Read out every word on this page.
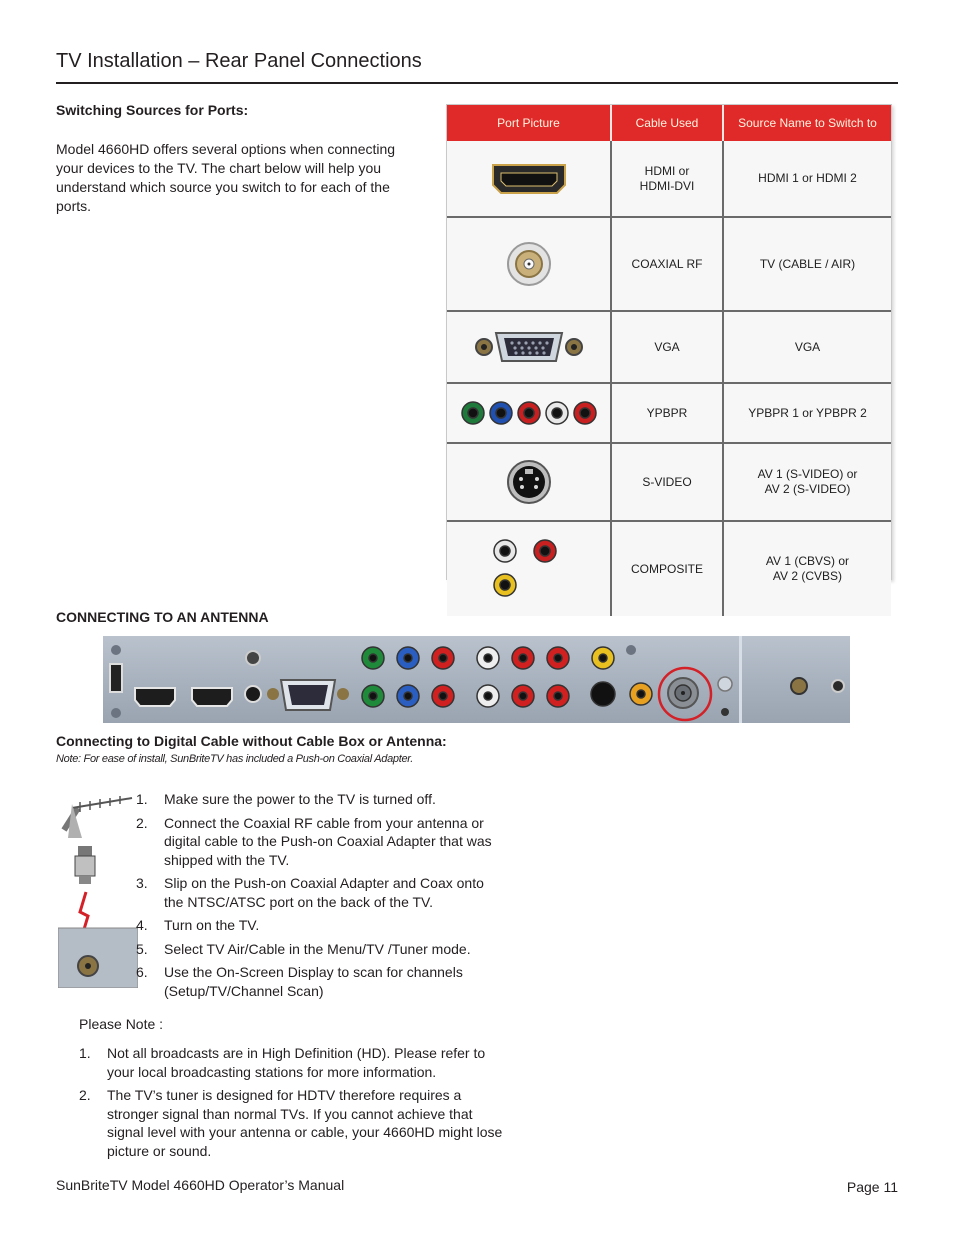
TV Installation – Rear Panel Connections
Switching Sources for Ports:

Model 4660HD offers several options when connecting your devices to the TV. The chart below will help you understand which source you switch to for each of the ports.

Port Picture	Cable Used	Source Name to Switch to

	HDMI or
HDMI-DVI	HDMI 1 or HDMI 2

	COAXIAL RF	TV (CABLE / AIR)

	VGA	VGA

	YPBPR	YPBPR 1 or YPBPR 2

	S-VIDEO	AV 1 (S-VIDEO) or
AV 2 (S-VIDEO)

	COMPOSITE	AV 1 (CBVS) or
AV 2 (CVBS)
CONNECTING TO AN ANTENNA
Connecting to Digital Cable without Cable Box or Antenna:
Note: For ease of install, SunBriteTV has included a Push-on Coaxial Adapter.
1. Make sure the power to the TV is turned off.
2. Connect the Coaxial RF cable from your antenna or digital cable to the Push-on Coaxial Adapter that was shipped with the TV.
3. Slip on the Push-on Coaxial Adapter and Coax onto the NTSC/ATSC port on the back of the TV.
4. Turn on the TV.
5. Select TV Air/Cable in the Menu/TV /Tuner mode.
6. Use the On-Screen Display to scan for channels (Setup/TV/Channel Scan)
Please Note :
1. Not all broadcasts are in High Definition (HD). Please refer to your local broadcasting stations for more information.
2. The TV’s tuner is designed for HDTV therefore requires a stronger signal than normal TVs. If you cannot achieve that signal level with your antenna or cable, your 4660HD might lose picture or sound.
SunBriteTV Model 4660HD Operator’s Manual	Page 11
